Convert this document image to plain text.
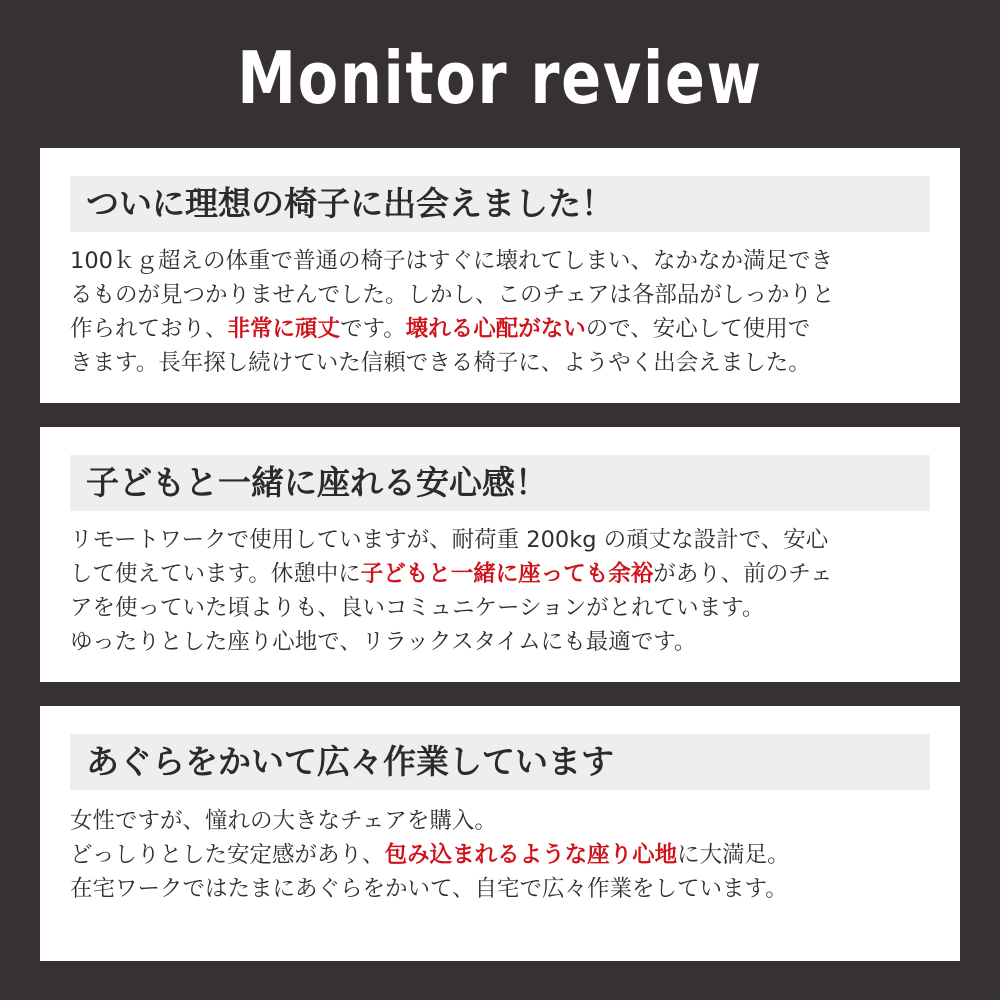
Monitor review
ついに理想の椅子に出会えました！
100ｋｇ超えの体重で普通の椅子はすぐに壊れてしまい、なかなか満足でき
るものが見つかりませんでした。しかし、このチェアは各部品がしっかりと
作られており、非常に頑丈です。壊れる心配がないので、安心して使用で
きます。長年探し続けていた信頼できる椅子に、ようやく出会えました。
子どもと一緒に座れる安心感！
リモートワークで使用していますが、耐荷重 200kg の頑丈な設計で、安心
して使えています。休憩中に子どもと一緒に座っても余裕があり、前のチェ
アを使っていた頃よりも、良いコミュニケーションがとれています。
ゆったりとした座り心地で、リラックスタイムにも最適です。
あぐらをかいて広々作業しています
女性ですが、憧れの大きなチェアを購入。
どっしりとした安定感があり、包み込まれるような座り心地に大満足。
在宅ワークではたまにあぐらをかいて、自宅で広々作業をしています。
